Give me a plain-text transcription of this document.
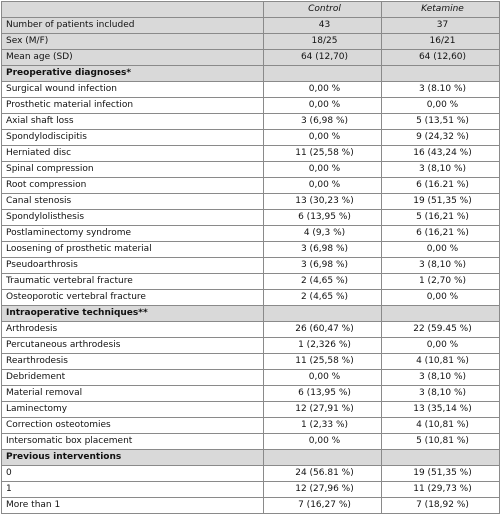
	Control	Ketamine
Number of patients included	43	37
Sex (M/F)	18/25	16/21
Mean age (SD)	64 (12,70)	64 (12,60)
Preoperative diagnoses*		
Surgical wound infection	0,00 %	3 (8.10 %)
Prosthetic material infection	0,00 %	0,00 %
Axial shaft loss	3 (6,98 %)	5 (13,51 %)
Spondylodiscipitis	0,00 %	9 (24,32 %)
Herniated disc	11 (25,58 %)	16 (43,24 %)
Spinal compression	0,00 %	3 (8,10 %)
Root compression	0,00 %	6 (16.21 %)
Canal stenosis	13 (30,23 %)	19 (51,35 %)
Spondylolisthesis	6 (13,95 %)	5 (16,21 %)
Postlaminectomy syndrome	4 (9,3 %)	6 (16,21 %)
Loosening of prosthetic material	3 (6,98 %)	0,00 %
Pseudoarthrosis	3 (6,98 %)	3 (8,10 %)
Traumatic vertebral fracture	2 (4,65 %)	1 (2,70 %)
Osteoporotic vertebral fracture	2 (4,65 %)	0,00 %
Intraoperative techniques**		
Arthrodesis	26 (60,47 %)	22 (59.45 %)
Percutaneous arthrodesis	1 (2,326 %)	0,00 %
Rearthrodesis	11 (25,58 %)	4 (10,81 %)
Debridement	0,00 %	3 (8,10 %)
Material removal	6 (13,95 %)	3 (8,10 %)
Laminectomy	12 (27,91 %)	13 (35,14 %)
Correction osteotomies	1 (2,33 %)	4 (10,81 %)
Intersomatic box placement	0,00 %	5 (10,81 %)
Previous interventions		
0	24 (56.81 %)	19 (51,35 %)
1	12 (27,96 %)	11 (29,73 %)
More than 1	7 (16,27 %)	7 (18,92 %)
